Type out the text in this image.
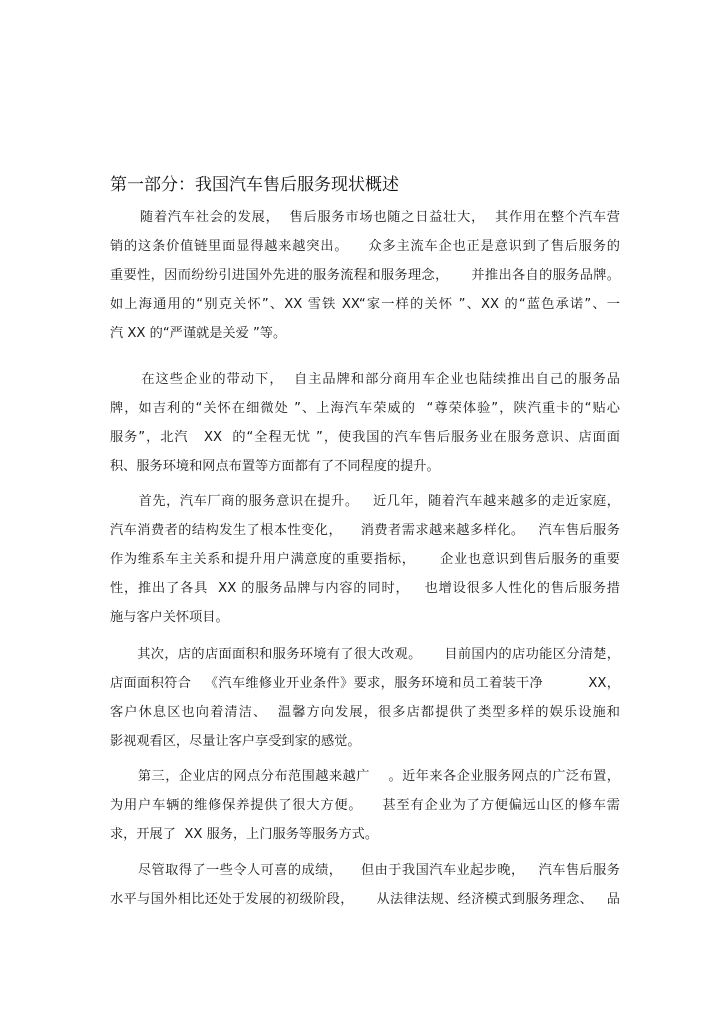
第一部分：我国汽车售后服务现状概述
随着汽车社会的发展，  售后服务市场也随之日益壮大，  其作用在整个汽车营
销的这条价值链里面显得越来越突出。    众多主流车企也正是意识到了售后服务的
重要性，因而纷纷引进国外先进的服务流程和服务理念，     并推出各自的服务品牌。
如上海通用的“别克关怀”、XX 雪铁 XX“家一样的关怀 ”、XX 的“蓝色承诺”、一
汽 XX 的“严谨就是关爱 ”等。
在这些企业的带动下，  自主品牌和部分商用车企业也陆续推出自己的服务品
牌，如吉利的“关怀在细微处 ”、上海汽车荣威的  “尊荣体验”，陕汽重卡的“贴心
服务”，北汽   XX  的“全程无忧 ”，使我国的汽车售后服务业在服务意识、店面面
积、服务环境和网点布置等方面都有了不同程度的提升。
首先，汽车厂商的服务意识在提升。   近几年，随着汽车越来越多的走近家庭，
汽车消费者的结构发生了根本性变化，    消费者需求越来越多样化。   汽车售后服务
作为维系车主关系和提升用户满意度的重要指标，     企业也意识到售后服务的重要
性，推出了各具  XX 的服务品牌与内容的同时，   也增设很多人性化的售后服务措
施与客户关怀项目。
其次，店的店面面积和服务环境有了很大改观。     目前国内的店功能区分清楚，
店面面积符合   《汽车维修业开业条件》要求，服务环境和员工着装干净          XX，
客户休息区也向着清洁、  温馨方向发展，很多店都提供了类型多样的娱乐设施和
影视观看区，尽量让客户享受到家的感觉。
第三，企业店的网点分布范围越来越广    。近年来各企业服务网点的广泛布置，
为用户车辆的维修保养提供了很大方便。    甚至有企业为了方便偏远山区的修车需
求，开展了  XX 服务，上门服务等服务方式。
尽管取得了一些令人可喜的成绩，    但由于我国汽车业起步晚，   汽车售后服务
水平与国外相比还处于发展的初级阶段，     从法律法规、经济模式到服务理念、   品
